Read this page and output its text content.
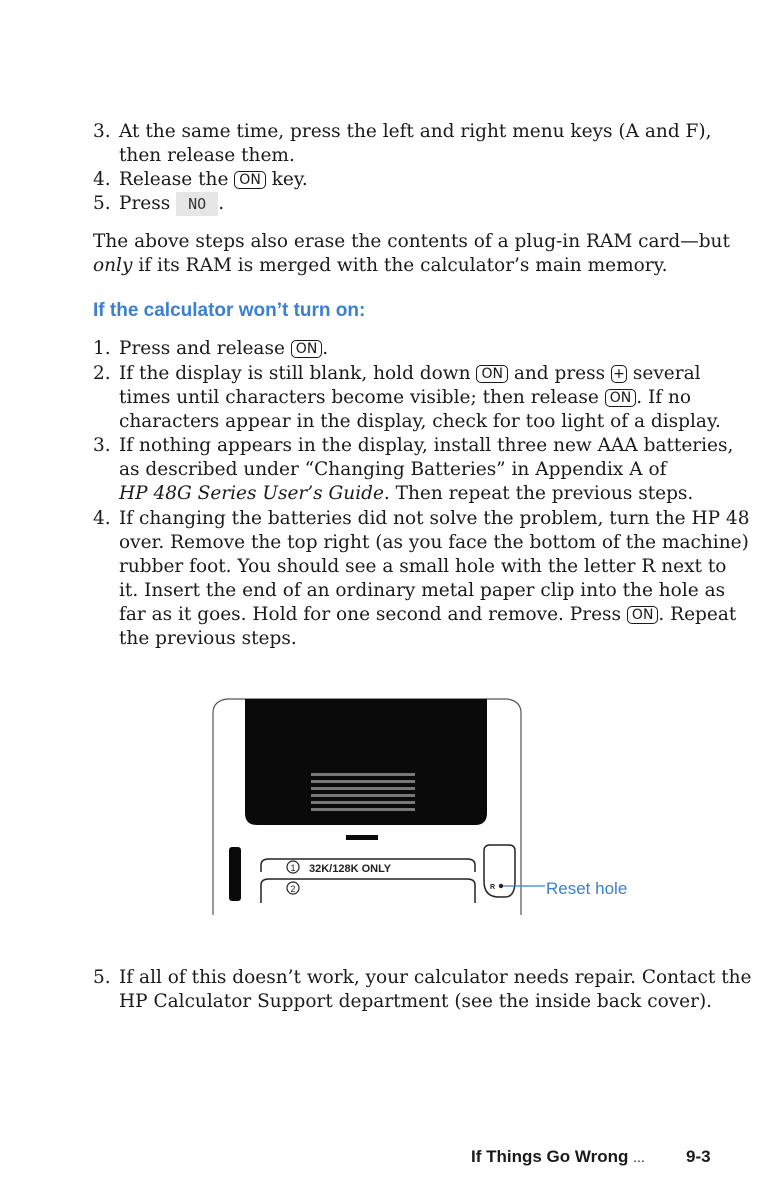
3. At the same time, press the left and right menu keys (A and F),
then release them.
4. Release the ON key.
5. Press NO .
The above steps also erase the contents of a plug-in RAM card—but
only if its RAM is merged with the calculator’s main memory.
If the calculator won’t turn on:
1. Press and release ON .
2. If the display is still blank, hold down ON and press + several
times until characters become visible; then release ON . If no
characters appear in the display, check for too light of a display.
3. If nothing appears in the display, install three new AAA batteries,
as described under “Changing Batteries” in Appendix A of
HP 48G Series User’s Guide. Then repeat the previous steps.
4. If changing the batteries did not solve the problem, turn the HP 48
over. Remove the top right (as you face the bottom of the machine)
rubber foot. You should see a small hole with the letter R next to
it. Insert the end of an ordinary metal paper clip into the hole as
far as it goes. Hold for one second and remove. Press ON . Repeat
the previous steps.
1 32K/128K ONLY
2	R	Reset hole
5. If all of this doesn’t work, your calculator needs repair. Contact the
HP Calculator Support department (see the inside back cover).
If Things Go Wrong ... 9-3
